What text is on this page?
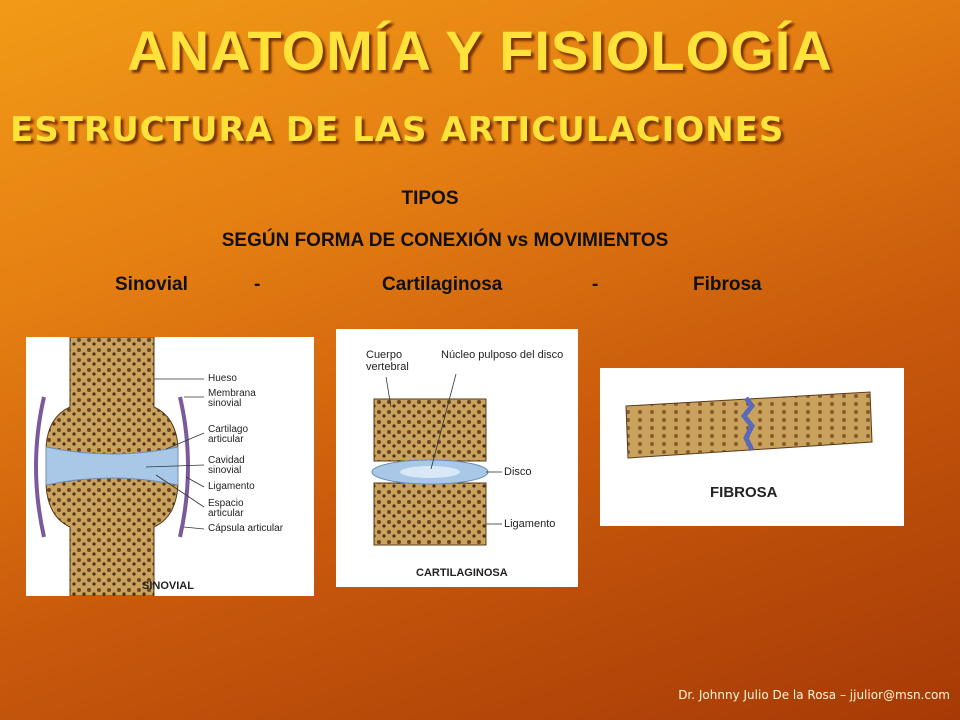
ANATOMÍA Y FISIOLOGÍA
ESTRUCTURA DE LAS ARTICULACIONES
TIPOS
SEGÚN FORMA DE CONEXIÓN vs MOVIMIENTOS
Sinovial	-	Cartilaginosa	-	Fibrosa
Hueso
Membrana sinovial
Cartilago articular
Cavidad sinovial
Ligamento
Espacio articular
Cápsula articular
SINOVIAL
Cuerpo vertebral
Núcleo pulposo del disco
Disco
Ligamento
CARTILAGINOSA
FIBROSA
Dr. Johnny Julio De la Rosa – jjulior@msn.com
